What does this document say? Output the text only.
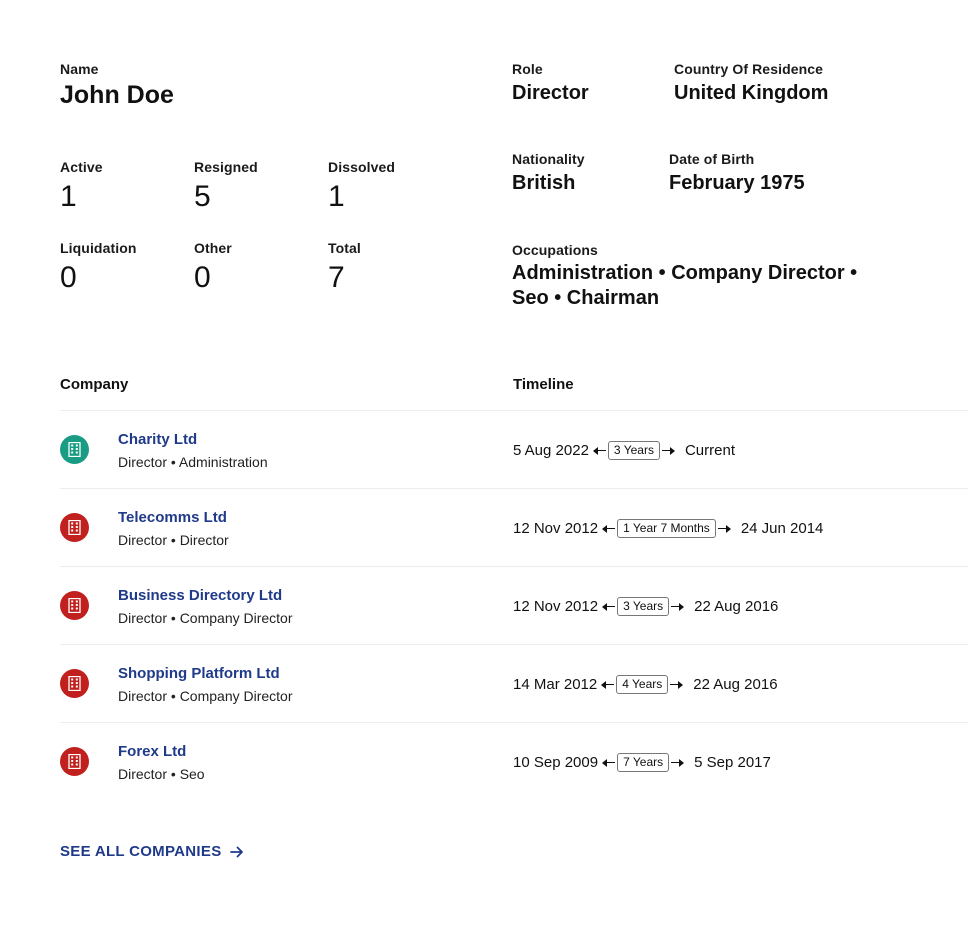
Name
John Doe
Role
Director
Country Of Residence
United Kingdom
Active
1
Resigned
5
Dissolved
1
Liquidation
0
Other
0
Total
7
Nationality
British
Date of Birth
February 1975
Occupations
Administration • Company Director • Seo • Chairman
Company	Timeline
Charity Ltd
Director • Administration
5 Aug 2022	3 Years	Current
Telecomms Ltd
Director • Director
12 Nov 2012	1 Year 7 Months	24 Jun 2014
Business Directory Ltd
Director • Company Director
12 Nov 2012	3 Years	22 Aug 2016
Shopping Platform Ltd
Director • Company Director
14 Mar 2012	4 Years	22 Aug 2016
Forex Ltd
Director • Seo
10 Sep 2009	7 Years	5 Sep 2017
SEE ALL COMPANIES
